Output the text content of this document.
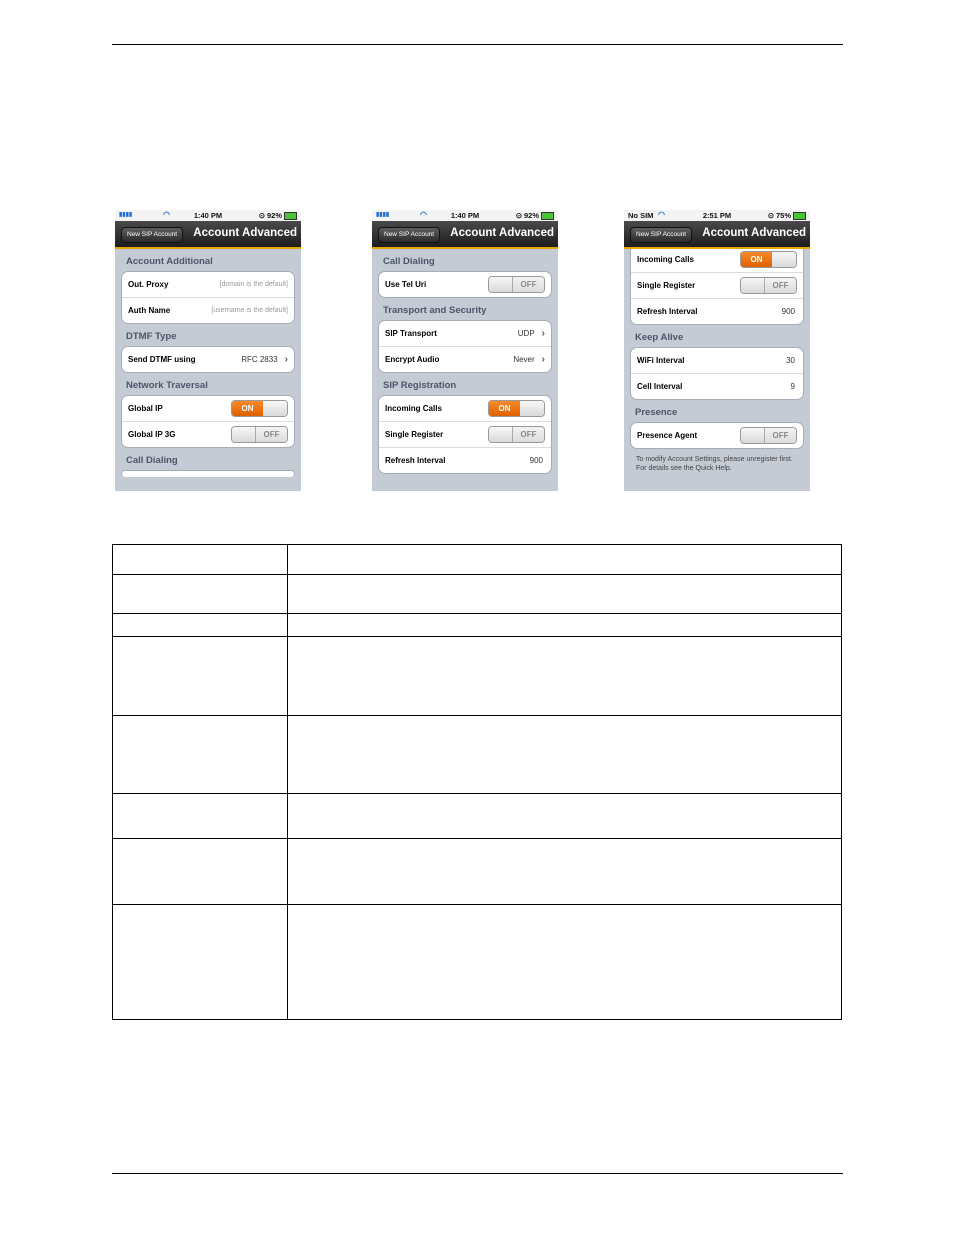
▮▮▮▮	◠	1:40 PM	⊙ 92%
New SIP Account	Account Advanced
Account Additional
Out. Proxy	[domain is the default]
Auth Name	[username is the default]
DTMF Type
Send DTMF using	RFC 2833 ›
Network Traversal
Global IP	ON
Global IP 3G	OFF
Call Dialing
▮▮▮▮	◠	1:40 PM	⊙ 92%
New SIP Account	Account Advanced
Call Dialing
Use Tel Uri	OFF
Transport and Security
SIP Transport	UDP ›
Encrypt Audio	Never ›
SIP Registration
Incoming Calls	ON
Single Register	OFF
Refresh Interval	900
No SIM ◠	2:51 PM	⊙ 75%
New SIP Account	Account Advanced
Incoming Calls	ON
Single Register	OFF
Refresh Interval	900
Keep Alive
WiFi Interval	30
Cell Interval	9
Presence
Presence Agent	OFF
To modify Account Settings, please unregister first. For details see the Quick Help.
